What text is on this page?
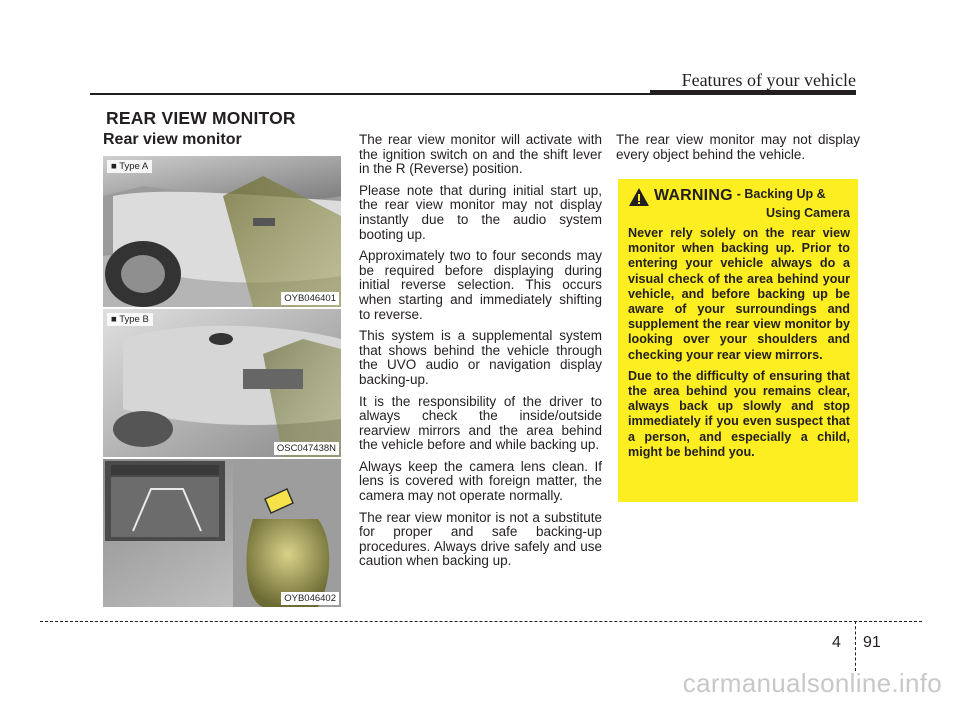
Features of your vehicle
REAR VIEW MONITOR
Rear view monitor
■ Type A
OYB046401
■ Type B
OSC047438N
OYB046402

The rear view monitor will activate with the ignition switch on and the shift lever in the R (Reverse) position.

Please note that during initial start up, the rear view monitor may not display instantly due to the audio system booting up.

Approximately two to four seconds may be required before displaying during initial reverse selection. This occurs when starting and immediately shifting to reverse.

This system is a supplemental system that shows behind the vehicle through the UVO audio or navigation display backing-up.

It is the responsibility of the driver to always check the inside/outside rearview mirrors and the area behind the vehicle before and while backing up.

Always keep the camera lens clean. If lens is covered with foreign matter, the camera may not operate normally.

The rear view monitor is not a substitute for proper and safe backing-up procedures. Always drive safely and use caution when backing up.

The rear view monitor may not display every object behind the vehicle.

WARNING - Backing Up &
Using Camera

Never rely solely on the rear view monitor when backing up. Prior to entering your vehicle always do a visual check of the area behind your vehicle, and before backing up be aware of your surroundings and supplement the rear view monitor by looking over your shoulders and checking your rear view mirrors.

Due to the difficulty of ensuring that the area behind you remains clear, always back up slowly and stop immediately if you even suspect that a person, and especially a child, might be behind you.

4 91
carmanualsonline.info
